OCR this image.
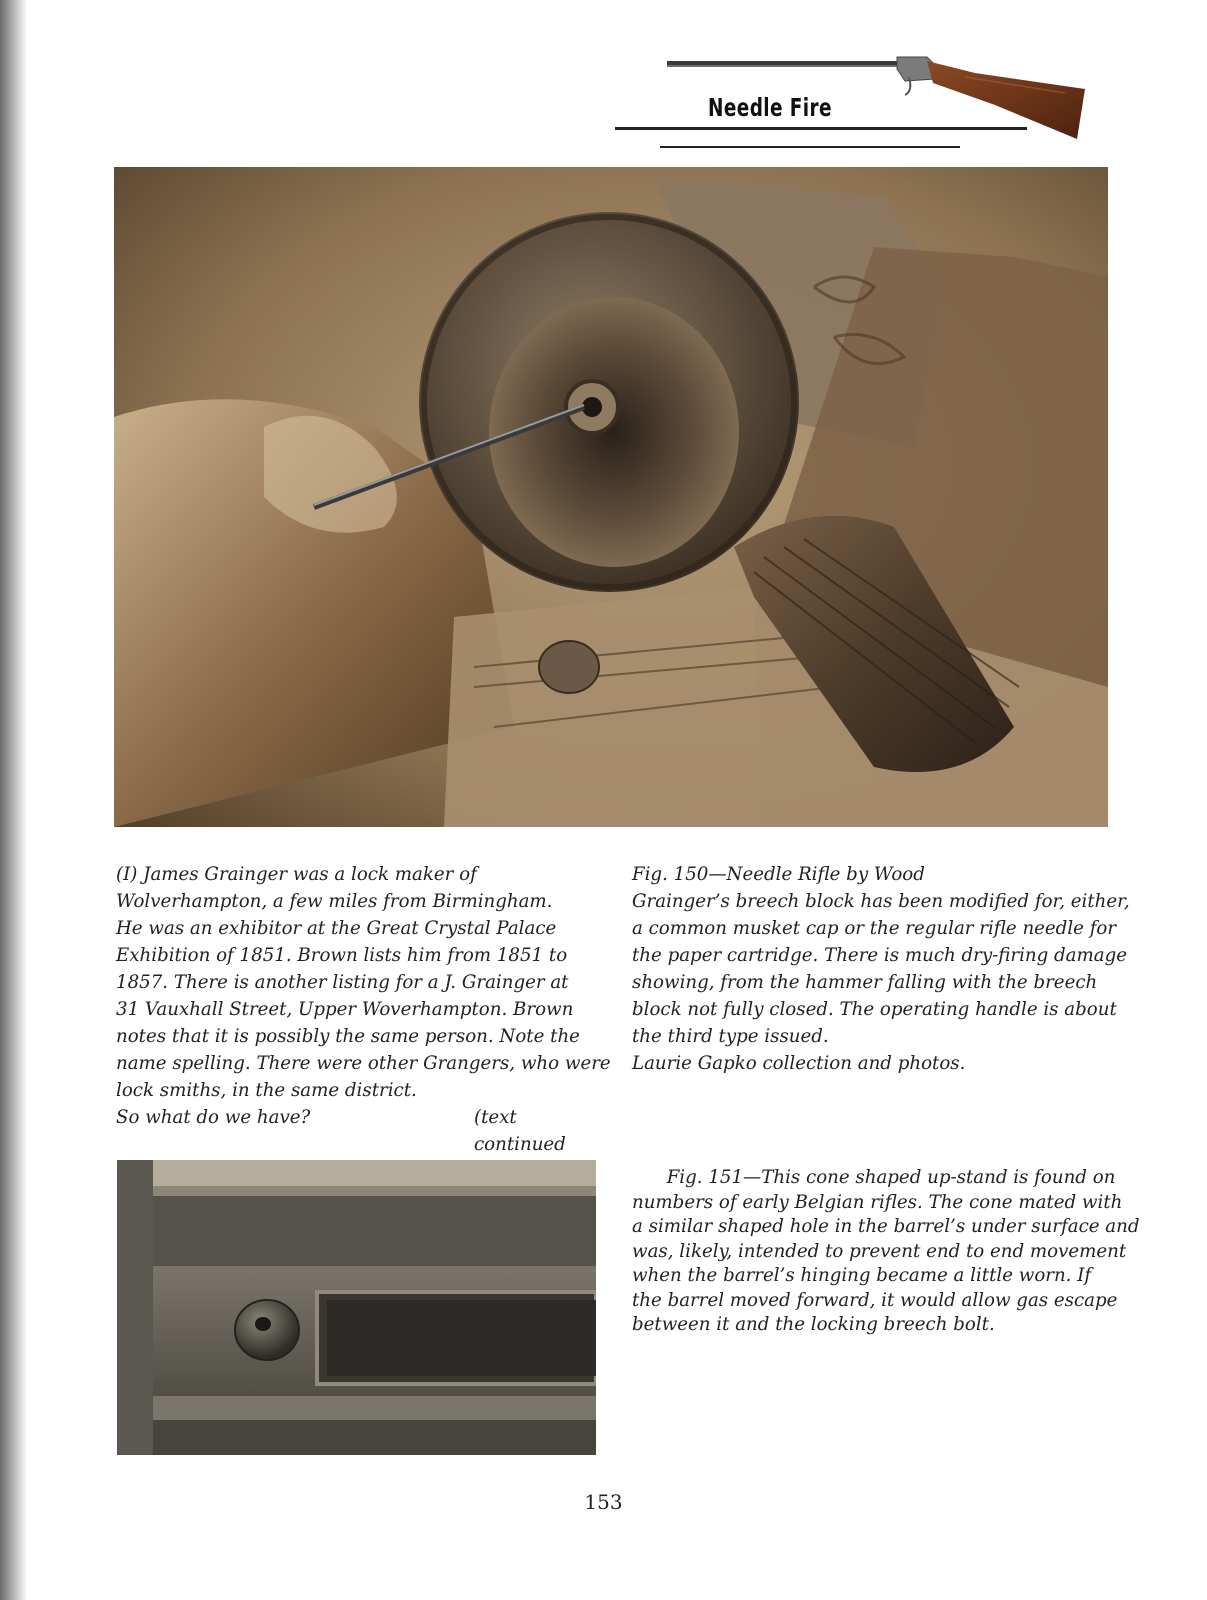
Needle Fire

(I) James Grainger was a lock maker of

Wolverhampton, a few miles from Birmingham.

He was an exhibitor at the Great Crystal Palace

Exhibition of 1851. Brown lists him from 1851 to

1857. There is another listing for a J. Grainger at

31 Vauxhall Street, Upper Woverhampton. Brown

notes that it is possibly the same person. Note the

name spelling. There were other Grangers, who were

lock smiths, in the same district.

So what do we have?	(text continued

Fig. 150—Needle Rifle by Wood

Grainger’s breech block has been modified for, either,

a common musket cap or the regular rifle needle for

the paper cartridge. There is much dry-firing damage

showing, from the hammer falling with the breech

block not fully closed. The operating handle is about

the third type issued.

Laurie Gapko collection and photos.

Fig. 151—This cone shaped up-stand is found on

numbers of early Belgian rifles. The cone mated with

a similar shaped hole in the barrel’s under surface and

was, likely, intended to prevent end to end movement

when the barrel’s hinging became a little worn. If

the barrel moved forward, it would allow gas escape

between it and the locking breech bolt.

153
